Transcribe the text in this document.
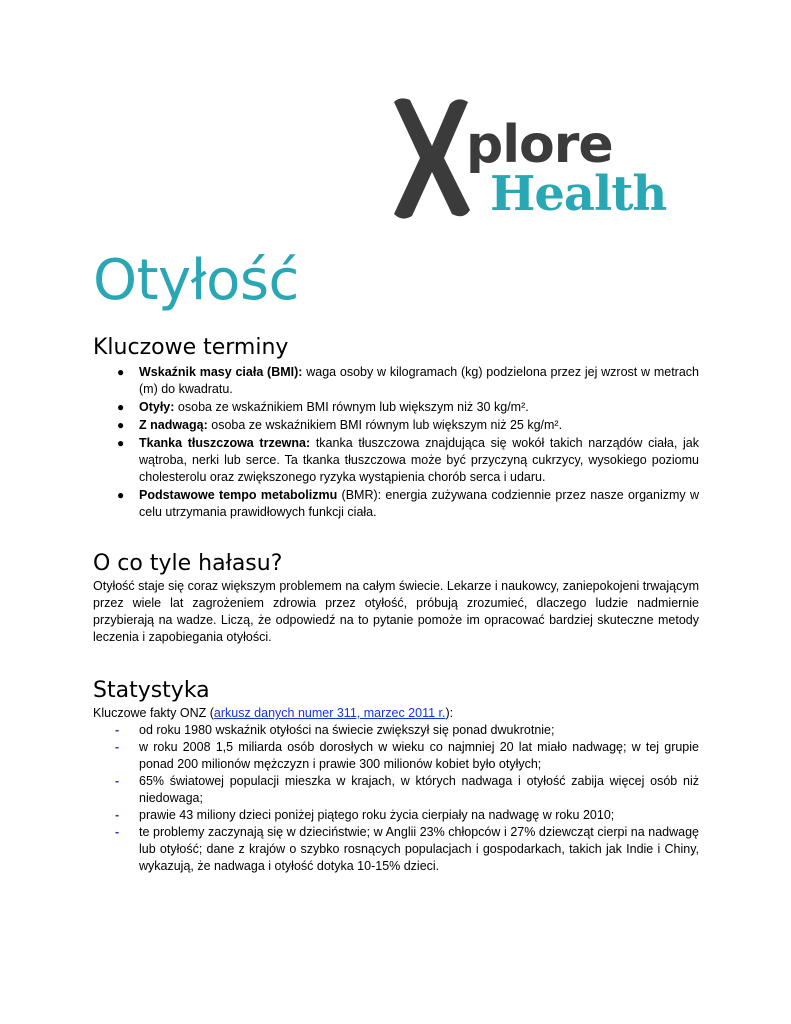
plore
Health
Otyłość
Kluczowe terminy
● Wskaźnik masy ciała (BMI): waga osoby w kilogramach (kg) podzielona przez jej wzrost w metrach (m) do kwadratu.
● Otyły: osoba ze wskaźnikiem BMI równym lub większym niż 30 kg/m².
● Z nadwagą: osoba ze wskaźnikiem BMI równym lub większym niż 25 kg/m².
● Tkanka tłuszczowa trzewna: tkanka tłuszczowa znajdująca się wokół takich narządów ciała, jak wątroba, nerki lub serce. Ta tkanka tłuszczowa może być przyczyną cukrzycy, wysokiego poziomu cholesterolu oraz zwiększonego ryzyka wystąpienia chorób serca i udaru.
● Podstawowe tempo metabolizmu (BMR): energia zużywana codziennie przez nasze organizmy w celu utrzymania prawidłowych funkcji ciała.
O co tyle hałasu?

Otyłość staje się coraz większym problemem na całym świecie. Lekarze i naukowcy, zaniepokojeni trwającym przez wiele lat zagrożeniem zdrowia przez otyłość, próbują zrozumieć, dlaczego ludzie nadmiernie przybierają na wadze. Liczą, że odpowiedź na to pytanie pomoże im opracować bardziej skuteczne metody leczenia i zapobiegania otyłości.

Statystyka

Kluczowe fakty ONZ (arkusz danych numer 311, marzec 2011 r.):

- od roku 1980 wskaźnik otyłości na świecie zwiększył się ponad dwukrotnie;
- w roku 2008 1,5 miliarda osób dorosłych w wieku co najmniej 20 lat miało nadwagę; w tej grupie ponad 200 milionów mężczyzn i prawie 300 milionów kobiet było otyłych;
- 65% światowej populacji mieszka w krajach, w których nadwaga i otyłość zabija więcej osób niż niedowaga;
- prawie 43 miliony dzieci poniżej piątego roku życia cierpiały na nadwagę w roku 2010;
- te problemy zaczynają się w dzieciństwie; w Anglii 23% chłopców i 27% dziewcząt cierpi na nadwagę lub otyłość; dane z krajów o szybko rosnących populacjach i gospodarkach, takich jak Indie i Chiny, wykazują, że nadwaga i otyłość dotyka 10-15% dzieci.
